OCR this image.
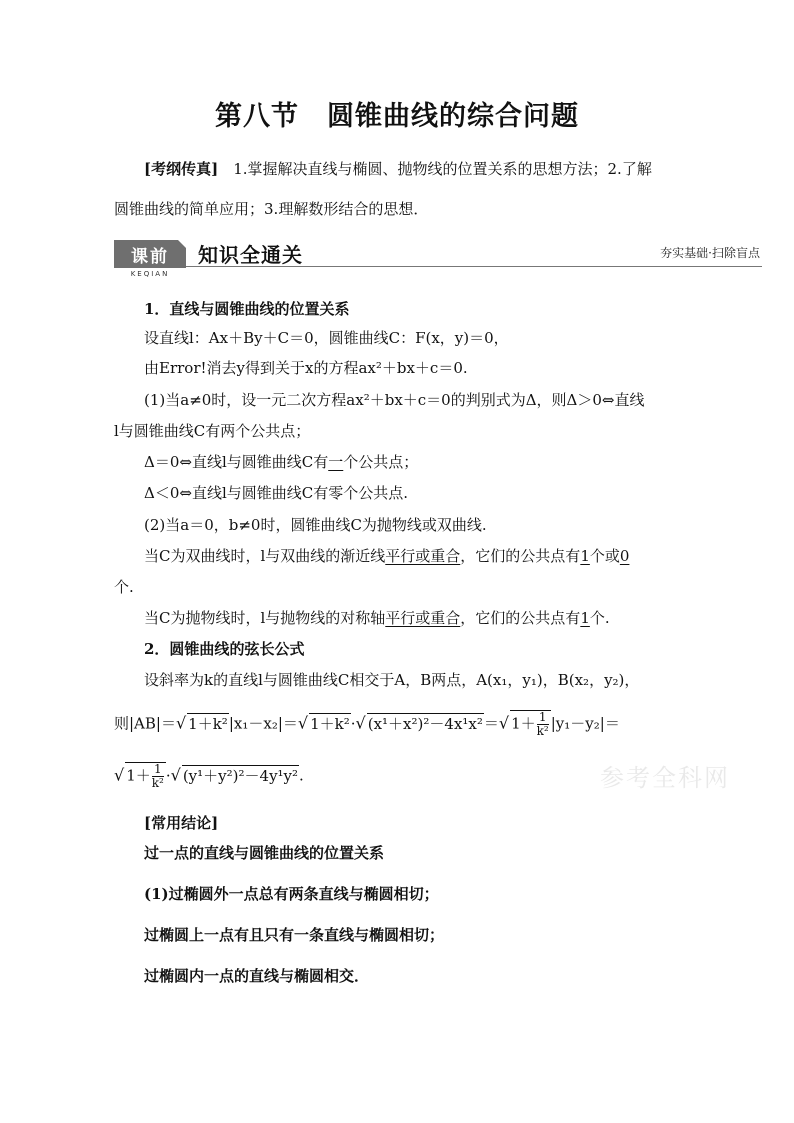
第八节　圆锥曲线的综合问题
[考纲传真]　1.掌握解决直线与椭圆、抛物线的位置关系的思想方法；2.了解
圆锥曲线的简单应用；3.理解数形结合的思想．
课前
KEQIAN
知识全通关	夯实基础·扫除盲点
1．直线与圆锥曲线的位置关系
设直线l：Ax＋By＋C＝0，圆锥曲线C：F(x，y)＝0，
由Error!消去y得到关于x的方程ax²＋bx＋c＝0.
(1)当a≠0时，设一元二次方程ax²＋bx＋c＝0的判别式为Δ，则Δ＞0⇔直线
l与圆锥曲线C有两个公共点；
Δ＝0⇔直线l与圆锥曲线C有一个公共点；
Δ＜0⇔直线l与圆锥曲线C有零个公共点.
(2)当a＝0，b≠0时，圆锥曲线C为抛物线或双曲线.
当C为双曲线时，l与双曲线的渐近线平行或重合，它们的公共点有1个或0
个.
当C为抛物线时，l与抛物线的对称轴平行或重合，它们的公共点有1个.
2．圆锥曲线的弦长公式
设斜率为k的直线l与圆锥曲线C相交于A，B两点，A(x₁，y₁)，B(x₂，y₂)，
则|AB|＝√ 1＋k²|x₁－x₂|＝√ 1＋k²·√ (x¹＋x²)²－4x¹x²＝√ $1+ \frac{1}{\text{k²}} |y_1-y_2|=$
√ $1+ \frac{1}{\text{k²}}$ ·√ (y¹＋y²)²－4y¹y².	参考全科网
[常用结论]
过一点的直线与圆锥曲线的位置关系
(1)过椭圆外一点总有两条直线与椭圆相切；
过椭圆上一点有且只有一条直线与椭圆相切；
过椭圆内一点的直线与椭圆相交．
